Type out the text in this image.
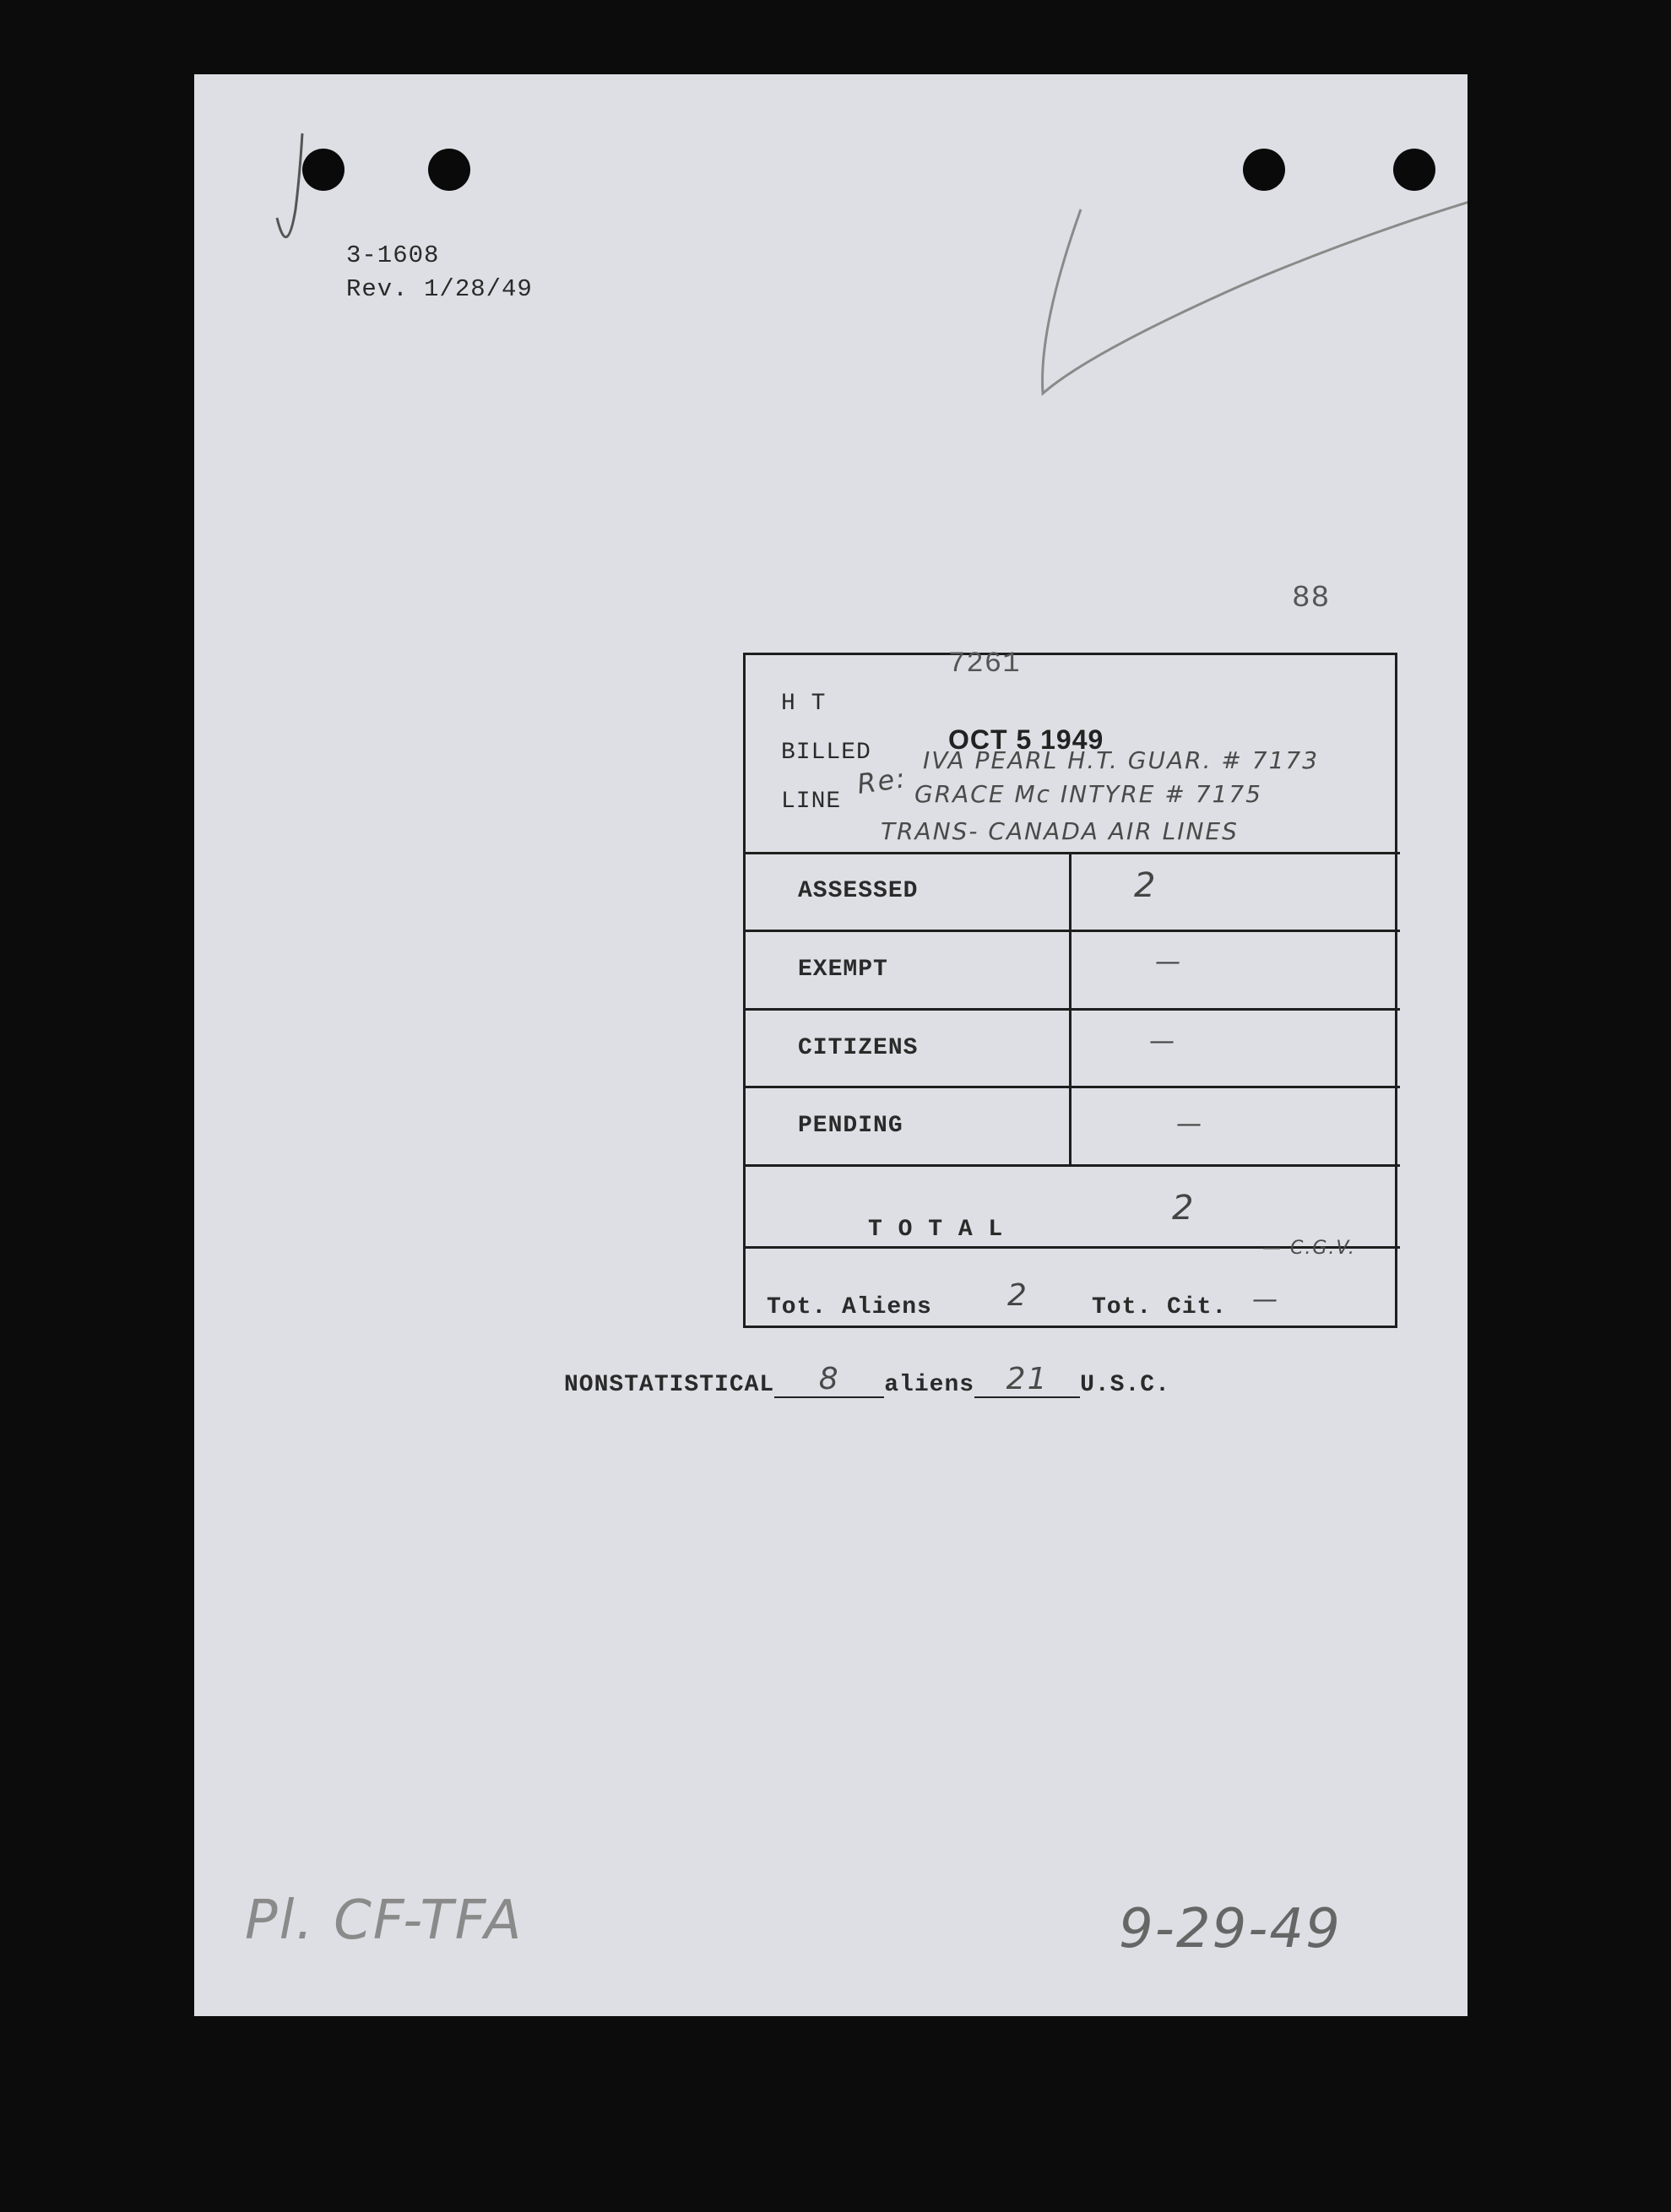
3-1608
Rev. 1/28/49
88
7261
H T
BILLED
LINE
OCT 5 1949
Re:
IVA PEARL H.T. GUAR. # 7173
GRACE Mc INTYRE # 7175
TRANS- CANADA AIR LINES
ASSESSED	2
EXEMPT	—
CITIZENS	—
PENDING	—
T O T A L
2
Tot. Aliens 2	Tot. Cit. —
— C.G.V.
NONSTATISTICAL 8 aliens 21 U.S.C.
Pl. CF-TFA	9-29-49
